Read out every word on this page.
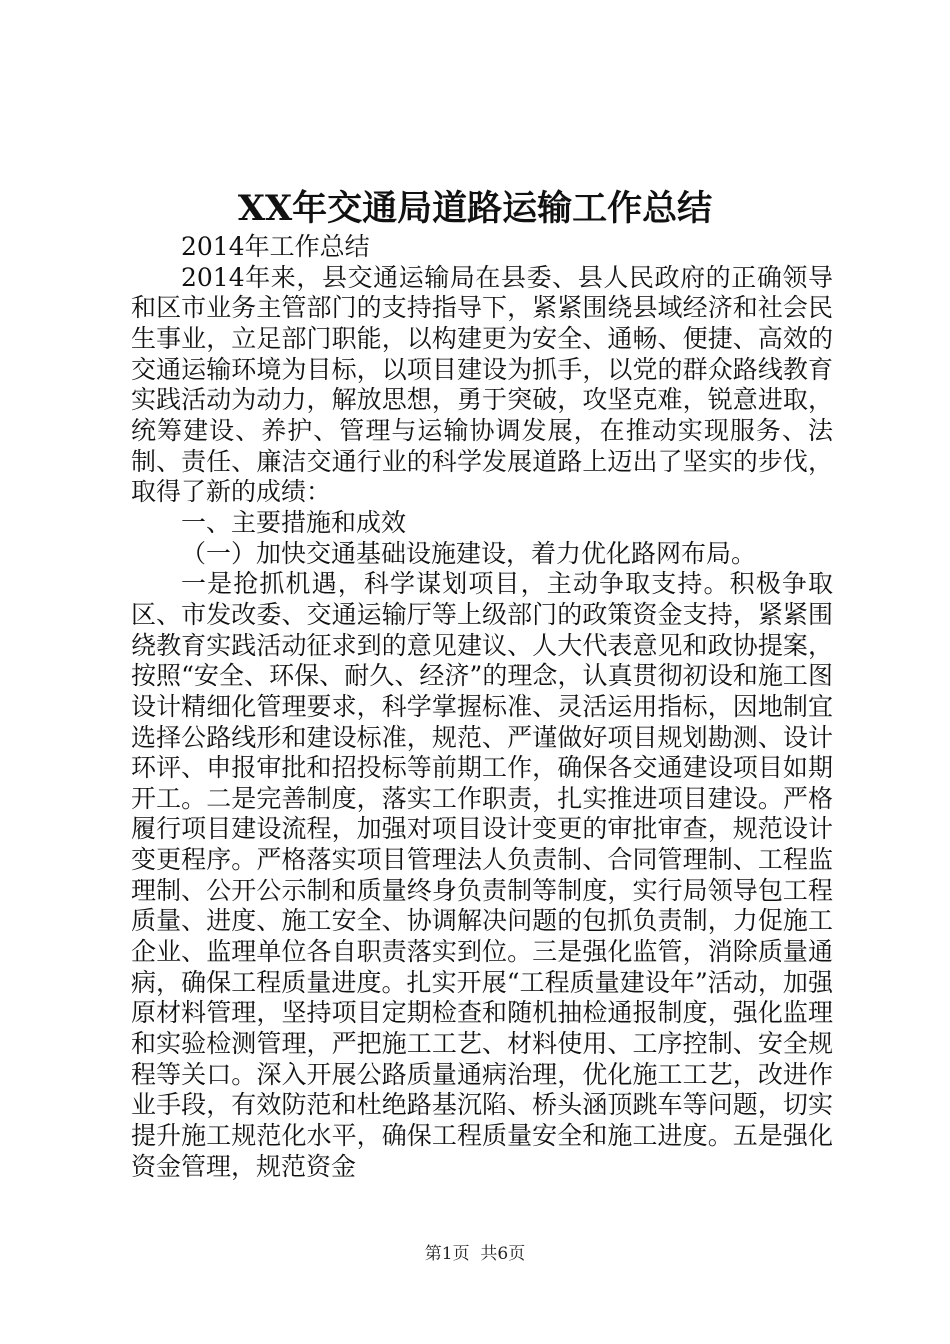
XX年交通局道路运输工作总结

2014年工作总结

2014年来，县交通运输局在县委、县人民政府的正确领导和区市业务主管部门的支持指导下，紧紧围绕县域经济和社会民生事业，立足部门职能，以构建更为安全、通畅、便捷、高效的交通运输环境为目标，以项目建设为抓手，以党的群众路线教育实践活动为动力，解放思想，勇于突破，攻坚克难，锐意进取，统筹建设、养护、管理与运输协调发展，在推动实现服务、法制、责任、廉洁交通行业的科学发展道路上迈出了坚实的步伐，取得了新的成绩：

一、主要措施和成效

（一）加快交通基础设施建设，着力优化路网布局。

一是抢抓机遇，科学谋划项目，主动争取支持。积极争取区、市发改委、交通运输厅等上级部门的政策资金支持，紧紧围绕教育实践活动征求到的意见建议、人大代表意见和政协提案，按照“安全、环保、耐久、经济”的理念，认真贯彻初设和施工图设计精细化管理要求，科学掌握标准、灵活运用指标，因地制宜选择公路线形和建设标准，规范、严谨做好项目规划勘测、设计环评、申报审批和招投标等前期工作，确保各交通建设项目如期开工。二是完善制度，落实工作职责，扎实推进项目建设。严格履行项目建设流程，加强对项目设计变更的审批审查，规范设计变更程序。严格落实项目管理法人负责制、合同管理制、工程监理制、公开公示制和质量终身负责制等制度，实行局领导包工程质量、进度、施工安全、协调解决问题的包抓负责制，力促施工企业、监理单位各自职责落实到位。三是强化监管，消除质量通病，确保工程质量进度。扎实开展“工程质量建设年”活动，加强原材料管理，坚持项目定期检查和随机抽检通报制度，强化监理和实验检测管理，严把施工工艺、材料使用、工序控制、安全规程等关口。深入开展公路质量通病治理，优化施工工艺，改进作业手段，有效防范和杜绝路基沉陷、桥头涵顶跳车等问题，切实提升施工规范化水平，确保工程质量安全和施工进度。五是强化资金管理，规范资金

第1页 共6页
